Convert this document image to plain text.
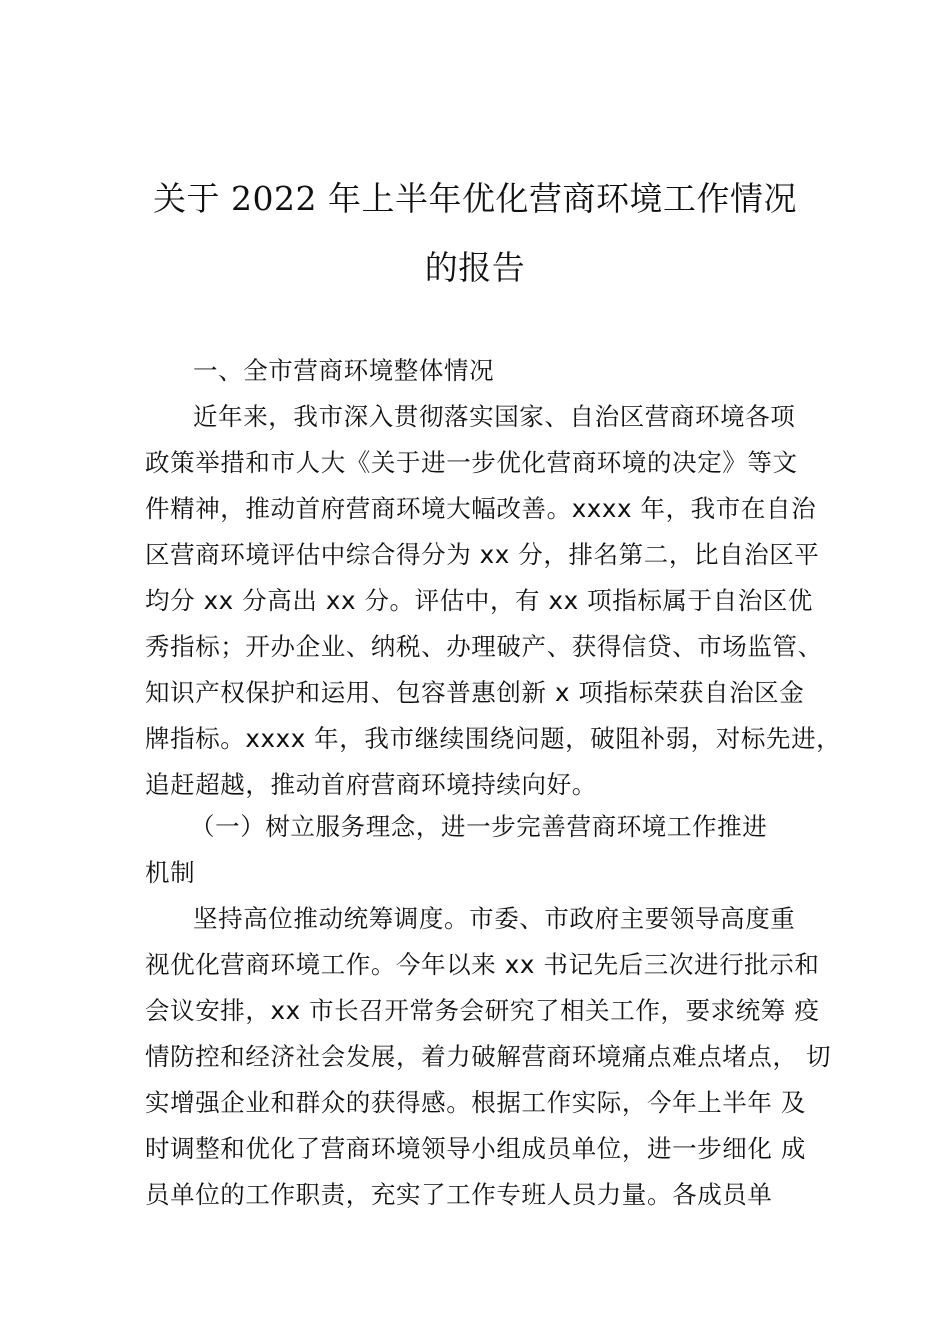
关于 2022 年上半年优化营商环境工作情况
的报告
一、全市营商环境整体情况
近年来，我市深入贯彻落实国家、自治区营商环境各项
政策举措和市人大《关于进一步优化营商环境的决定》等文
件精神，推动首府营商环境大幅改善。xxxx 年，我市在自治
区营商环境评估中综合得分为 xx 分，排名第二，比自治区平
均分 xx 分高出 xx 分。评估中，有 xx 项指标属于自治区优
秀指标；开办企业、纳税、办理破产、获得信贷、市场监管、
知识产权保护和运用、包容普惠创新 x 项指标荣获自治区金
牌指标。xxxx 年，我市继续围绕问题，破阻补弱，对标先进，
追赶超越，推动首府营商环境持续向好。
（一）树立服务理念，进一步完善营商环境工作推进
机制
坚持高位推动统筹调度。市委、市政府主要领导高度重
视优化营商环境工作。今年以来 xx 书记先后三次进行批示和
会议安排，xx 市长召开常务会研究了相关工作，要求统筹 疫
情防控和经济社会发展，着力破解营商环境痛点难点堵点， 切
实增强企业和群众的获得感。根据工作实际，今年上半年 及
时调整和优化了营商环境领导小组成员单位，进一步细化 成
员单位的工作职责，充实了工作专班人员力量。各成员单
